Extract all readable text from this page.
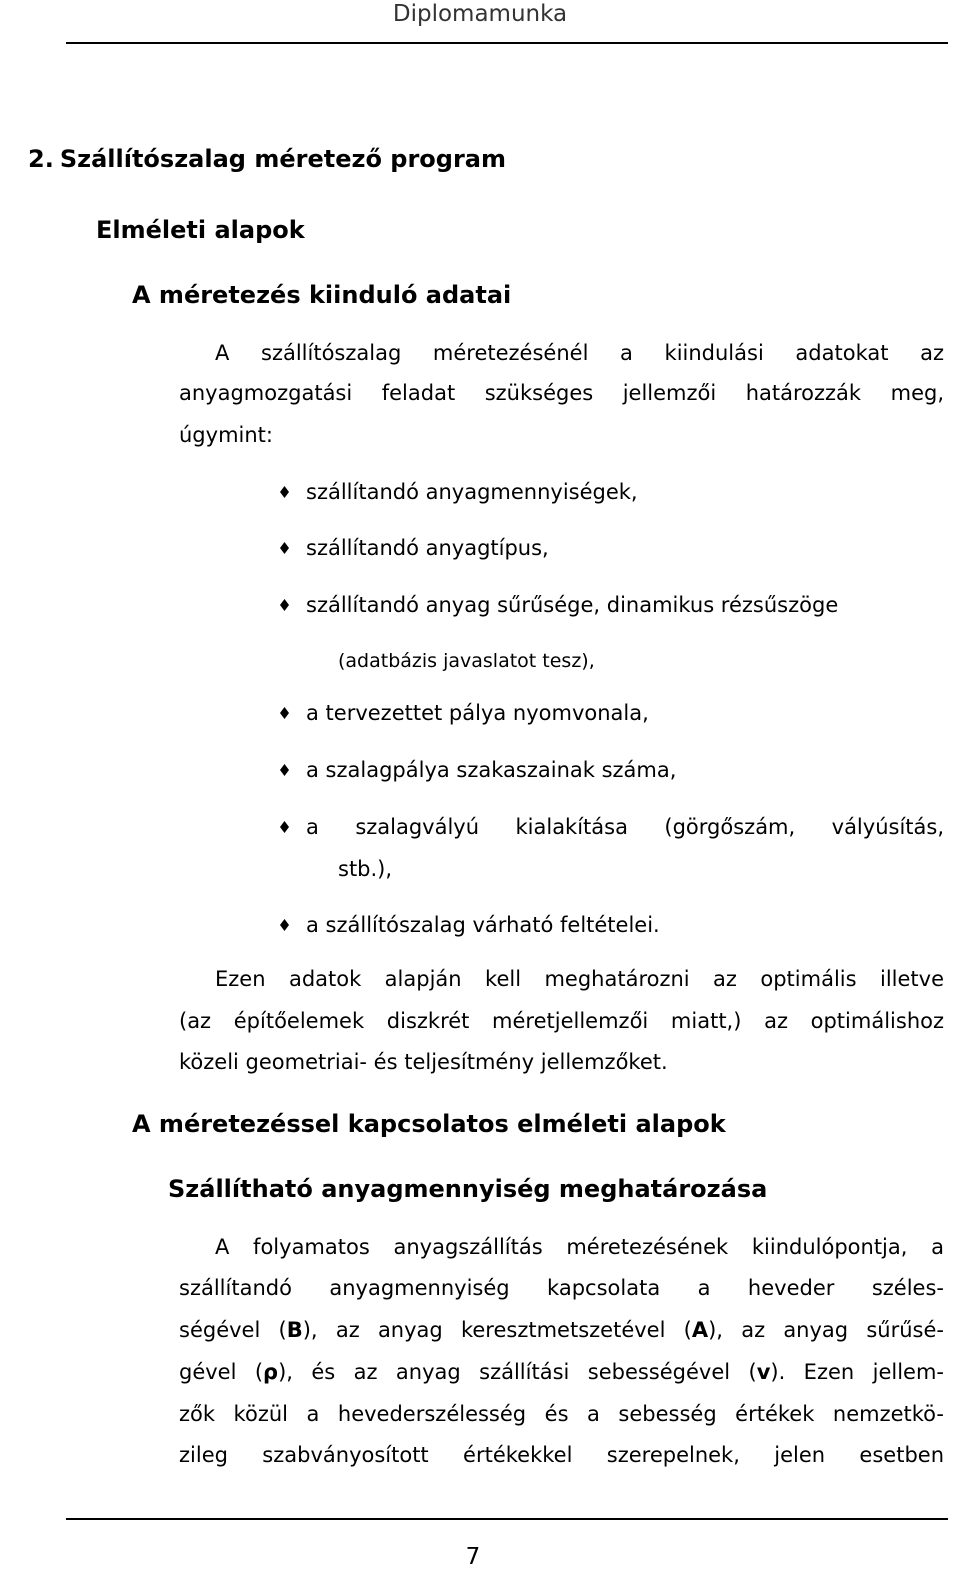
Diplomamunka
2. Szállítószalag méretező program
Elméleti alapok
A méretezés kiinduló adatai
A szállítószalag méretezésénél a kiindulási adatokat az
anyagmozgatási feladat szükséges jellemzői határozzák meg,
úgymint:
szállítandó anyagmennyiségek,
szállítandó anyagtípus,
szállítandó anyag sűrűsége, dinamikus rézsűszöge
(adatbázis javaslatot tesz),
a tervezettet pálya nyomvonala,
a szalagpálya szakaszainak száma,
a szalagvályú kialakítása (görgőszám, vályúsítás,
stb.),
a szállítószalag várható feltételei.
Ezen adatok alapján kell meghatározni az optimális illetve
(az építőelemek diszkrét méretjellemzői miatt,) az optimálishoz
közeli geometriai- és teljesítmény jellemzőket.
A méretezéssel kapcsolatos elméleti alapok
Szállítható anyagmennyiség meghatározása
A folyamatos anyagszállítás méretezésének kiindulópontja, a
szállítandó anyagmennyiség kapcsolata a heveder széles-
ségével (B), az anyag keresztmetszetével (A), az anyag sűrűsé-
gével (ρ), és az anyag szállítási sebességével (v). Ezen jellem-
zők közül a hevederszélesség és a sebesség értékek nemzetkö-
zileg szabványosított értékekkel szerepelnek, jelen esetben
7
